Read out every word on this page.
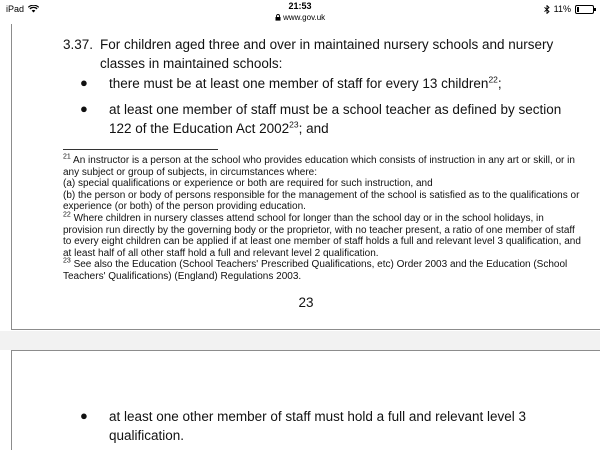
iPad	21:53
www.gov.uk
11%
3.37. For children aged three and over in maintained nursery schools and nursery classes in maintained schools:
● there must be at least one member of staff for every 13 children$^{22}$;
● at least one member of staff must be a school teacher as defined by section 122 of the Education Act 2002$^{23}$; and
$^{21}$ An instructor is a person at the school who provides education which consists of instruction in any art or skill, or in any subject or group of subjects, in circumstances where:
(a) special qualifications or experience or both are required for such instruction, and
(b) the person or body of persons responsible for the management of the school is satisfied as to the qualifications or experience (or both) of the person providing education.
$^{22}$ Where children in nursery classes attend school for longer than the school day or in the school holidays, in provision run directly by the governing body or the proprietor, with no teacher present, a ratio of one member of staff to every eight children can be applied if at least one member of staff holds a full and relevant level 3 qualification, and at least half of all other staff hold a full and relevant level 2 qualification.
$^{23}$ See also the Education (School Teachers' Prescribed Qualifications, etc) Order 2003 and the Education (School Teachers' Qualifications) (England) Regulations 2003.
23
● at least one other member of staff must hold a full and relevant level 3 qualification.
